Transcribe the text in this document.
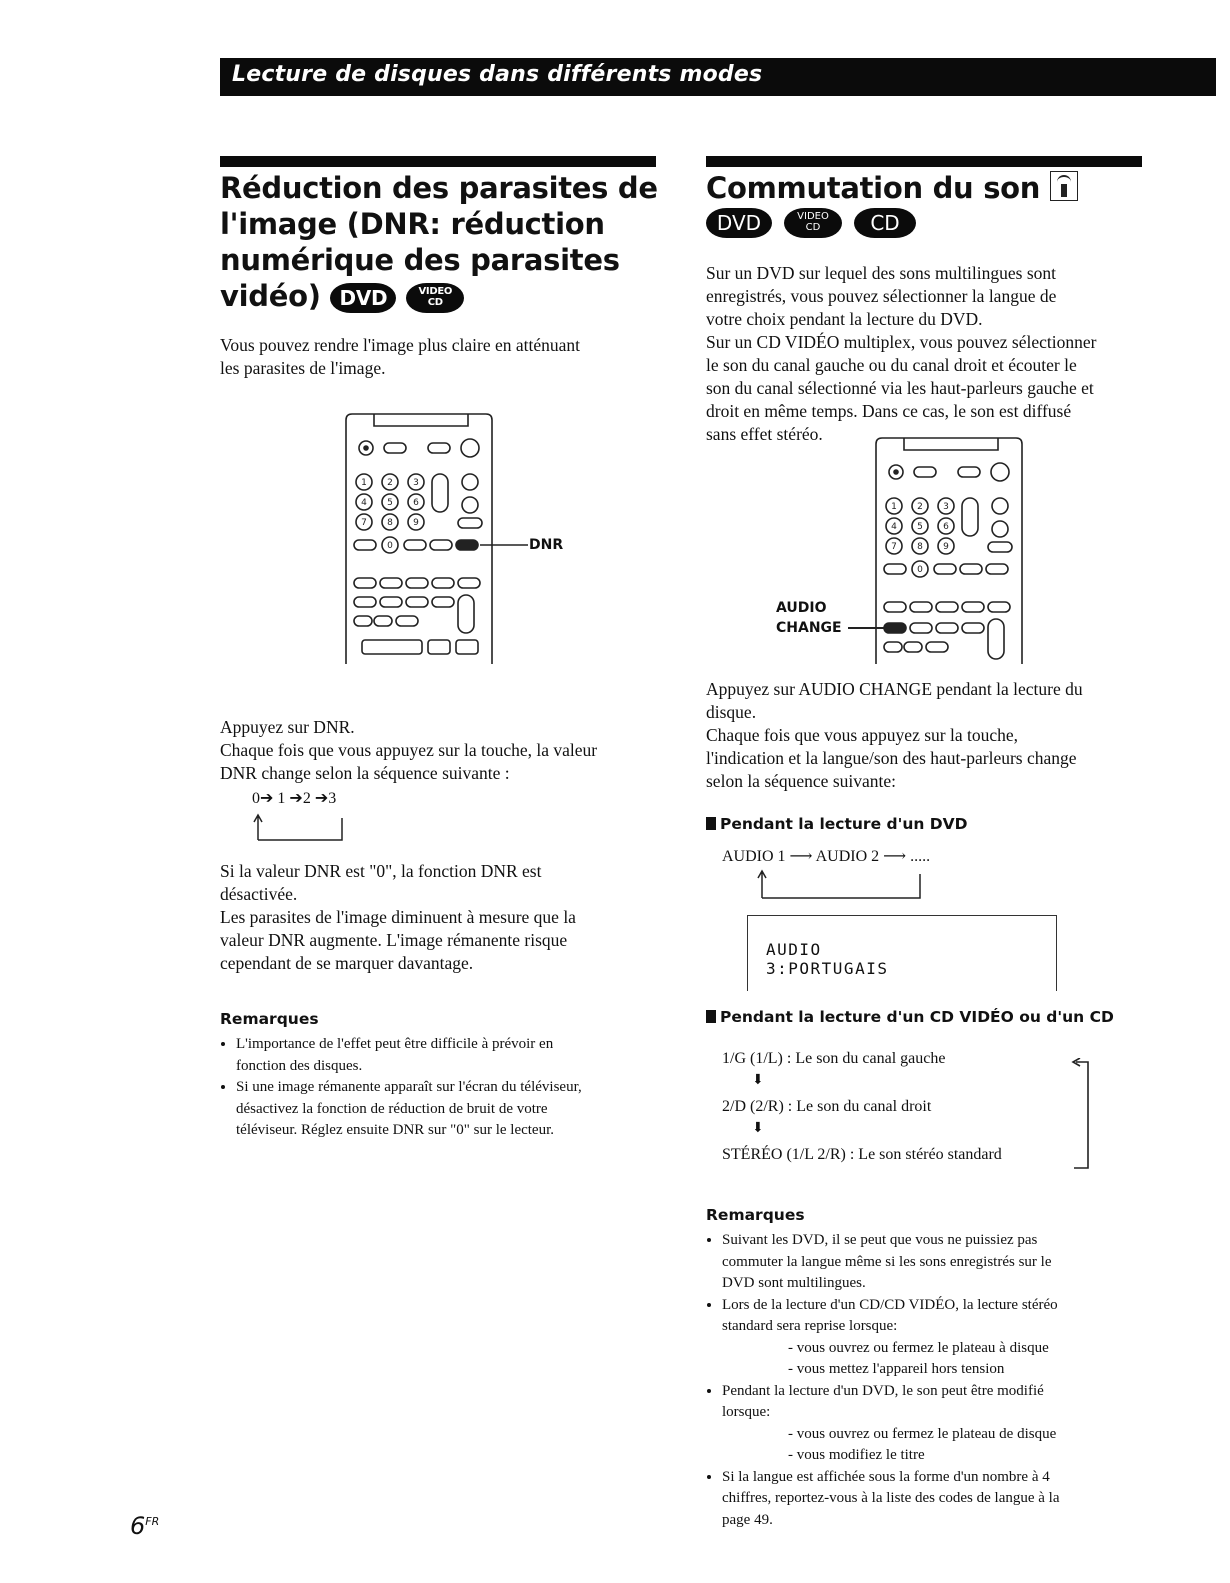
Lecture de disques dans différents modes
Réduction des parasites de
l'image (DNR: réduction
numérique des parasites
vidéo) DVD	VIDEO
CD

Vous pouvez rendre l'image plus claire en atténuant

les parasites de l'image.

1 2 3
4 5 6
7 8 9
0	DNR

Appuyez sur DNR.

Chaque fois que vous appuyez sur la touche, la valeur

DNR change selon la séquence suivante :

0➔ 1 ➔2 ➔3

Si la valeur DNR est "0", la fonction DNR est

désactivée.

Les parasites de l'image diminuent à mesure que la

valeur DNR augmente. L'image rémanente risque

cependant de se marquer davantage.

Remarques
• L'importance de l'effet peut être difficile à prévoir en
fonction des disques.
• Si une image rémanente apparaît sur l'écran du téléviseur,
désactivez la fonction de réduction de bruit de votre
téléviseur. Réglez ensuite DNR sur "0" sur le lecteur.
Commutation du son
DVD	VIDEO
CD CD

Sur un DVD sur lequel des sons multilingues sont

enregistrés, vous pouvez sélectionner la langue de

votre choix pendant la lecture du DVD.

Sur un CD VIDÉO multiplex, vous pouvez sélectionner

le son du canal gauche ou du canal droit et écouter le

son du canal sélectionné via les haut-parleurs gauche et

droit en même temps. Dans ce cas, le son est diffusé

sans effet stéréo.

1 2 3
4 5 6
7 8 9
0
AUDIO
CHANGE

Appuyez sur AUDIO CHANGE pendant la lecture du

disque.

Chaque fois que vous appuyez sur la touche,

l'indication et la langue/son des haut-parleurs change

selon la séquence suivante:

Pendant la lecture d'un DVD
AUDIO 1 ⟶ AUDIO 2 ⟶ .....
AUDIO
3:PORTUGAIS
Pendant la lecture d'un CD VIDÉO ou d'un CD
1/G (1/L) : Le son du canal gauche
⬇
2/D (2/R) : Le son du canal droit
⬇
STÉRÉO (1/L 2/R) : Le son stéréo standard
Remarques
• Suivant les DVD, il se peut que vous ne puissiez pas
commuter la langue même si les sons enregistrés sur le
DVD sont multilingues.
• Lors de la lecture d'un CD/CD VIDÉO, la lecture stéréo
standard sera reprise lorsque:
- vous ouvrez ou fermez le plateau à disque
- vous mettez l'appareil hors tension
• Pendant la lecture d'un DVD, le son peut être modifié
lorsque:
- vous ouvrez ou fermez le plateau de disque
- vous modifiez le titre
• Si la langue est affichée sous la forme d'un nombre à 4
chiffres, reportez-vous à la liste des codes de langue à la
page 49.
$6^{FR}$
